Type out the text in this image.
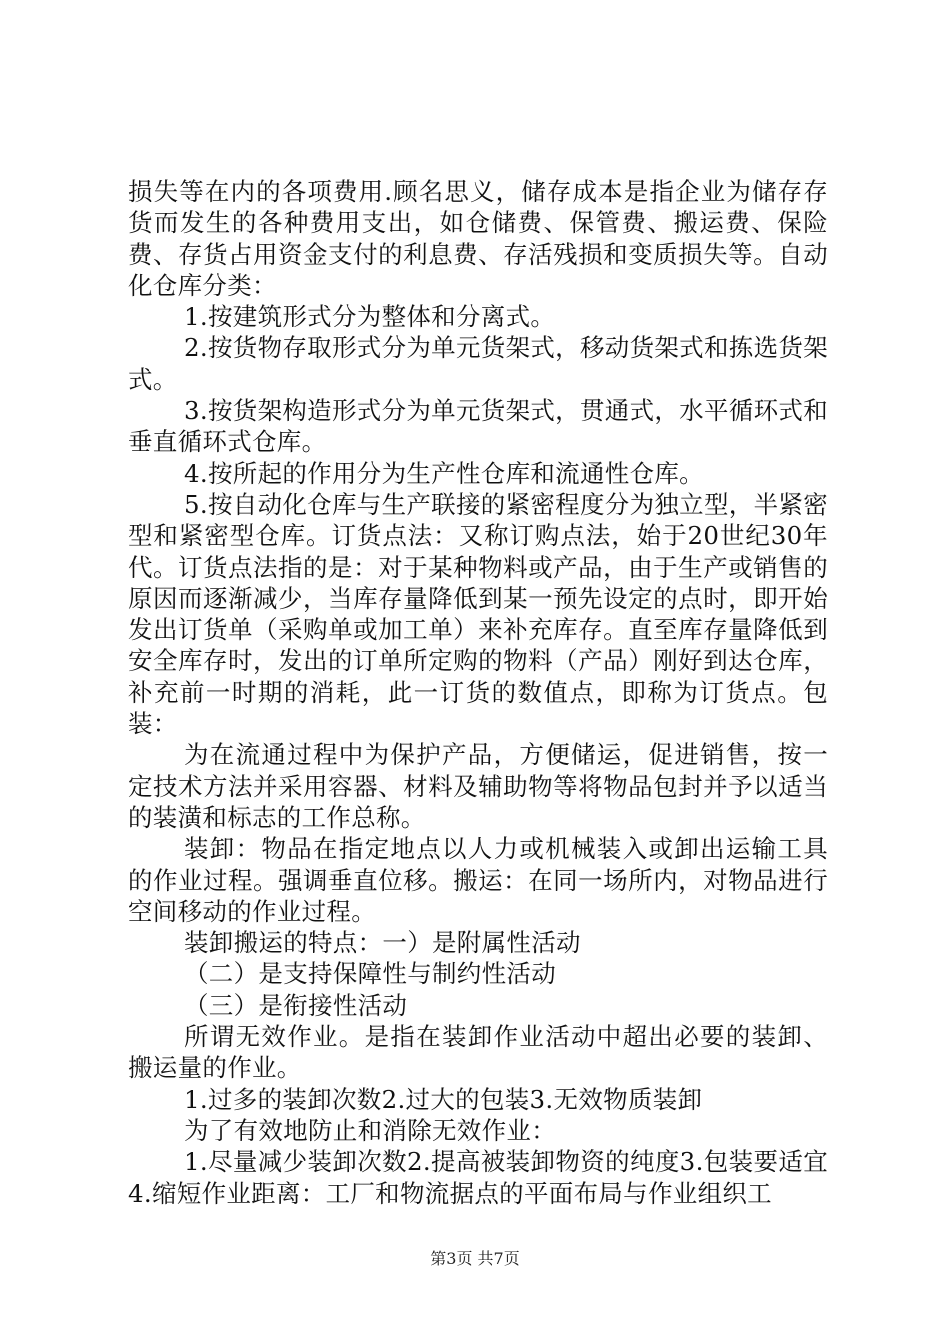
损失等在内的各项费用.顾名思义，储存成本是指企业为储存存货而发生的各种费用支出，如仓储费、保管费、搬运费、保险费、存货占用资金支付的利息费、存活残损和变质损失等。自动化仓库分类：

1.按建筑形式分为整体和分离式。

2.按货物存取形式分为单元货架式，移动货架式和拣选货架式。

3.按货架构造形式分为单元货架式，贯通式，水平循环式和垂直循环式仓库。

4.按所起的作用分为生产性仓库和流通性仓库。

5.按自动化仓库与生产联接的紧密程度分为独立型，半紧密型和紧密型仓库。订货点法：又称订购点法，始于20世纪30年代。订货点法指的是：对于某种物料或产品，由于生产或销售的原因而逐渐减少，当库存量降低到某一预先设定的点时，即开始发出订货单（采购单或加工单）来补充库存。直至库存量降低到安全库存时，发出的订单所定购的物料（产品）刚好到达仓库，补充前一时期的消耗，此一订货的数值点，即称为订货点。包装：

为在流通过程中为保护产品，方便储运，促进销售，按一定技术方法并采用容器、材料及辅助物等将物品包封并予以适当的装潢和标志的工作总称。

装卸：物品在指定地点以人力或机械装入或卸出运输工具的作业过程。强调垂直位移。搬运：在同一场所内，对物品进行空间移动的作业过程。

装卸搬运的特点：一）是附属性活动

（二）是支持保障性与制约性活动

（三）是衔接性活动

所谓无效作业。是指在装卸作业活动中超出必要的装卸、搬运量的作业。

1.过多的装卸次数2.过大的包装3.无效物质装卸

为了有效地防止和消除无效作业：

1.尽量减少装卸次数2.提高被装卸物资的纯度3.包装要适宜4.缩短作业距离：工厂和物流据点的平面布局与作业组织工

第3页 共7页
